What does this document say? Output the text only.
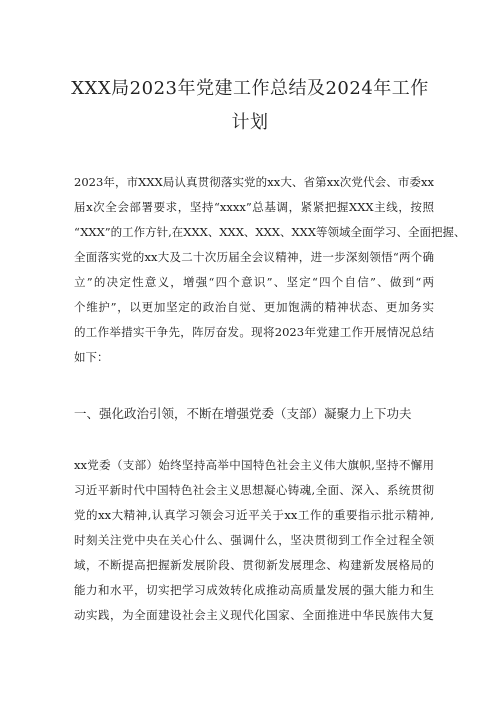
XXX局2023年党建工作总结及2024年工作
计划
2023年，市XXX局认真贯彻落实党的xx大、省第xx次党代会、市委xx
届x次全会部署要求，坚持“xxxx”总基调，紧紧把握XXX主线，按照
“XXX”的工作方针,在XXX、XXX、XXX、XXX等领域全面学习、全面把握、
全面落实党的xx大及二十次历届全会议精神，进一步深刻领悟“两个确
立”的决定性意义，增强“四个意识”、坚定“四个自信”、做到“两
个维护”，以更加坚定的政治自觉、更加饱满的精神状态、更加务实
的工作举措实干争先，阵厉奋发。现将2023年党建工作开展情况总结
如下：
一、强化政治引领，不断在增强党委（支部）凝聚力上下功夫
xx党委（支部）始终坚持高举中国特色社会主义伟大旗帜,坚持不懈用
习近平新时代中国特色社会主义思想凝心铸魂,全面、深入、系统贯彻
党的xx大精神,认真学习领会习近平关于xx工作的重要指示批示精神,
时刻关注党中央在关心什么、强调什么，坚决贯彻到工作全过程全领
域，不断提高把握新发展阶段、贯彻新发展理念、构建新发展格局的
能力和水平，切实把学习成效转化成推动高质量发展的强大能力和生
动实践，为全面建设社会主义现代化国家、全面推进中华民族伟大复
